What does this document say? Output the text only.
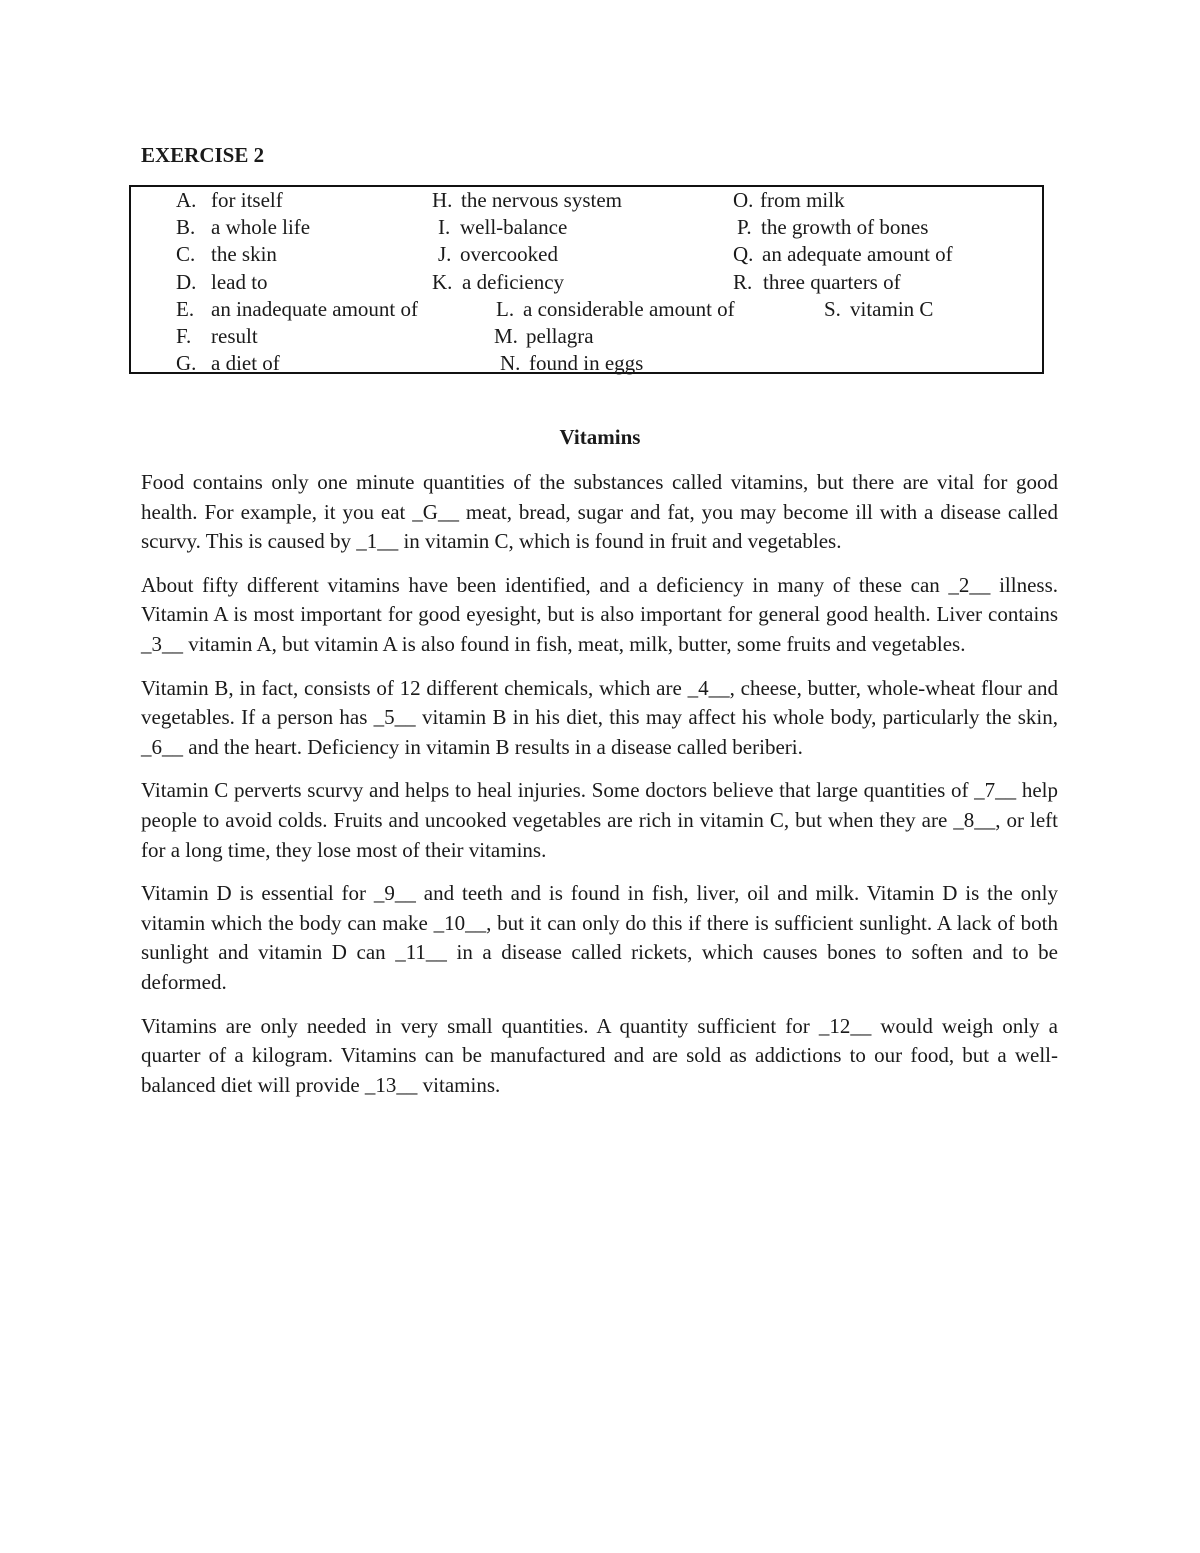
EXERCISE 2
A. for itself
B. a whole life
C. the skin
D. lead to
E. an inadequate amount of
F. result
G. a diet of
H. the nervous system
I. well-balance
J. overcooked
K. a deficiency
L. a considerable amount of
M. pellagra
N. found in eggs
O. from milk
P. the growth of bones
Q. an adequate amount of
R. three quarters of
S. vitamin C
Vitamins

Food contains only one minute quantities of the substances called vitamins, but there are vital for good health. For example, it you eat _G__ meat, bread, sugar and fat, you may become ill with a disease called scurvy. This is caused by _1__ in vitamin C, which is found in fruit and vegetables.

About fifty different vitamins have been identified, and a deficiency in many of these can _2__ illness. Vitamin A is most important for good eyesight, but is also important for general good health. Liver contains _3__ vitamin A, but vitamin A is also found in fish, meat, milk, butter, some fruits and vegetables.

Vitamin B, in fact, consists of 12 different chemicals, which are _4__, cheese, butter, whole-wheat flour and vegetables. If a person has _5__ vitamin B in his diet, this may affect his whole body, particularly the skin, _6__ and the heart. Deficiency in vitamin B results in a disease called beriberi.

Vitamin C perverts scurvy and helps to heal injuries. Some doctors believe that large quantities of _7__ help people to avoid colds. Fruits and uncooked vegetables are rich in vitamin C, but when they are _8__, or left for a long time, they lose most of their vitamins.

Vitamin D is essential for _9__ and teeth and is found in fish, liver, oil and milk. Vitamin D is the only vitamin which the body can make _10__, but it can only do this if there is sufficient sunlight. A lack of both sunlight and vitamin D can _11__ in a disease called rickets, which causes bones to soften and to be deformed.

Vitamins are only needed in very small quantities. A quantity sufficient for _12__ would weigh only a quarter of a kilogram. Vitamins can be manufactured and are sold as addictions to our food, but a well-balanced diet will provide _13__ vitamins.
